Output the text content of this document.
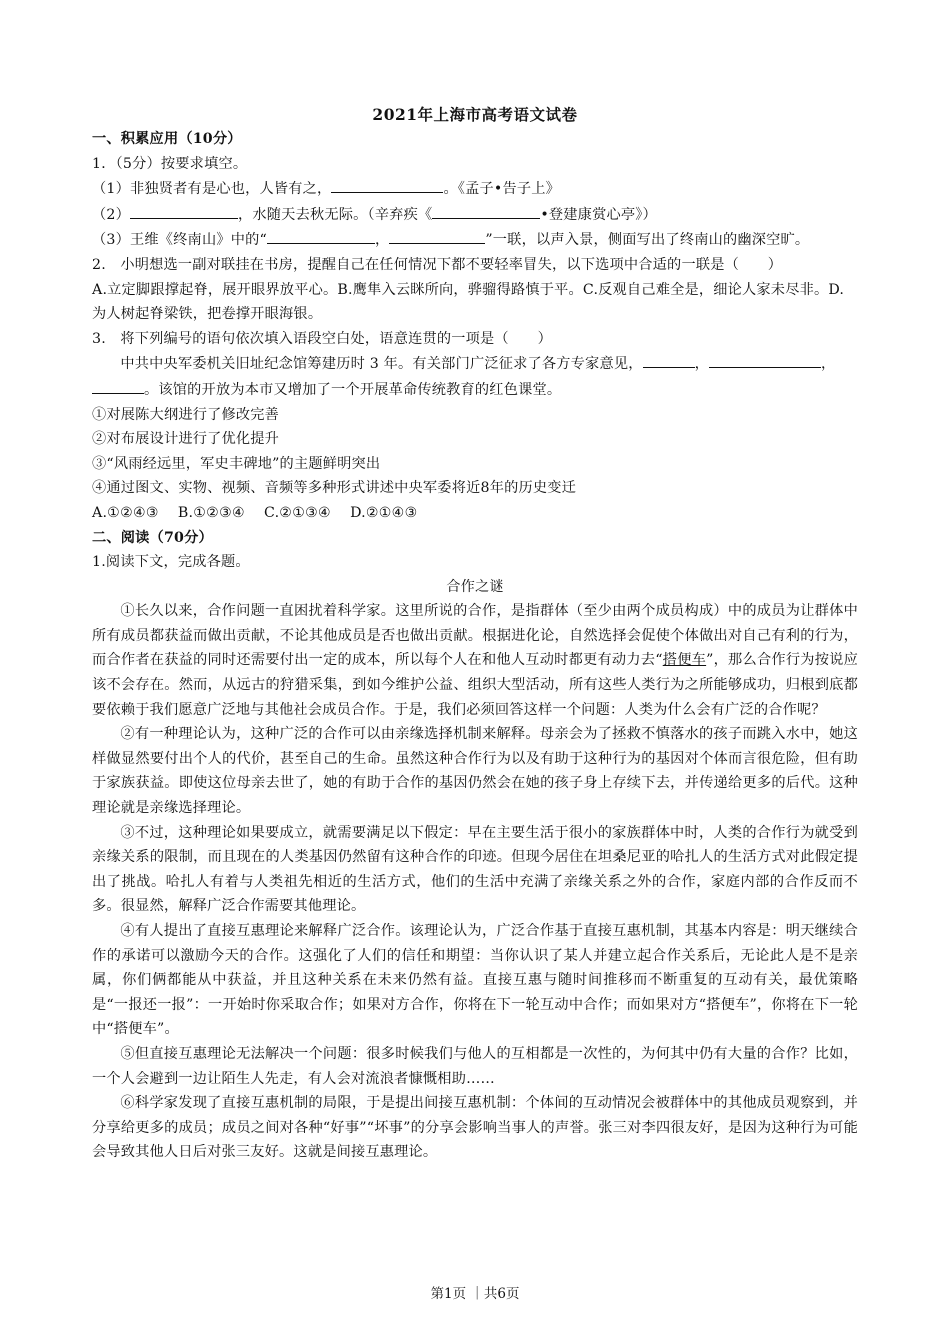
2021年上海市高考语文试卷

一、积累应用（10分）

1．（5分）按要求填空。

（1）非独贤者有是心也，人皆有之，	。《孟子•告子上》

（2）	，水随天去秋无际。（辛弃疾《	•登建康赏心亭》）

（3）王维《终南山》中的“	，	”一联，以声入景，侧面写出了终南山的幽深空旷。

2.　小明想选一副对联挂在书房，提醒自己在任何情况下都不要轻率冒失，以下选项中合适的一联是（　　）

A.立定脚跟撑起脊，展开眼界放平心。B.鹰隼入云眯所向，骅骝得路慎于平。C.反观自己难全是，细论人家未尽非。D.为人树起脊梁铁，把卷撑开眼海银。

3.　将下列编号的语句依次填入语段空白处，语意连贯的一项是（　　）

中共中央军委机关旧址纪念馆筹建历时 3 年。有关部门广泛征求了各方专家意见，	，	，。该馆的开放为本市又增加了一个开展革命传统教育的红色课堂。

①对展陈大纲进行了修改完善

②对布展设计进行了优化提升

③“风雨经远里，军史丰碑地”的主题鲜明突出

④通过图文、实物、视频、音频等多种形式讲述中央军委将近8年的历史变迁

A.①②④③　 B.①②③④　 C.②①③④　 D.②①④③

二、阅读（70分）

1.阅读下文，完成各题。

合作之谜

①长久以来，合作问题一直困扰着科学家。这里所说的合作，是指群体（至少由两个成员构成）中的成员为让群体中所有成员都获益而做出贡献，不论其他成员是否也做出贡献。根据进化论，自然选择会促使个体做出对自己有利的行为，而合作者在获益的同时还需要付出一定的成本，所以每个人在和他人互动时都更有动力去“搭便车”，那么合作行为按说应该不会存在。然而，从远古的狩猎采集，到如今维护公益、组织大型活动，所有这些人类行为之所能够成功，归根到底都要依赖于我们愿意广泛地与其他社会成员合作。于是，我们必须回答这样一个问题：人类为什么会有广泛的合作呢？

②有一种理论认为，这种广泛的合作可以由亲缘选择机制来解释。母亲会为了拯救不慎落水的孩子而跳入水中，她这样做显然要付出个人的代价，甚至自己的生命。虽然这种合作行为以及有助于这种行为的基因对个体而言很危险，但有助于家族获益。即使这位母亲去世了，她的有助于合作的基因仍然会在她的孩子身上存续下去，并传递给更多的后代。这种理论就是亲缘选择理论。

③不过，这种理论如果要成立，就需要满足以下假定：早在主要生活于很小的家族群体中时，人类的合作行为就受到亲缘关系的限制，而且现在的人类基因仍然留有这种合作的印迹。但现今居住在坦桑尼亚的哈扎人的生活方式对此假定提出了挑战。哈扎人有着与人类祖先相近的生活方式，他们的生活中充满了亲缘关系之外的合作，家庭内部的合作反而不多。很显然，解释广泛合作需要其他理论。

④有人提出了直接互惠理论来解释广泛合作。该理论认为，广泛合作基于直接互惠机制，其基本内容是：明天继续合作的承诺可以激励今天的合作。这强化了人们的信任和期望：当你认识了某人并建立起合作关系后，无论此人是不是亲属，你们俩都能从中获益，并且这种关系在未来仍然有益。直接互惠与随时间推移而不断重复的互动有关，最优策略是“一报还一报”：一开始时你采取合作；如果对方合作，你将在下一轮互动中合作；而如果对方“搭便车”，你将在下一轮中“搭便车”。

⑤但直接互惠理论无法解决一个问题：很多时候我们与他人的互相都是一次性的，为何其中仍有大量的合作？比如，一个人会避到一边让陌生人先走，有人会对流浪者慷慨相助……

⑥科学家发现了直接互惠机制的局限，于是提出间接互惠机制：个体间的互动情况会被群体中的其他成员观察到，并分享给更多的成员；成员之间对各种“好事”“坏事”的分享会影响当事人的声誉。张三对李四很友好，是因为这种行为可能会导致其他人日后对张三友好。这就是间接互惠理论。

第1页 ｜共6页
